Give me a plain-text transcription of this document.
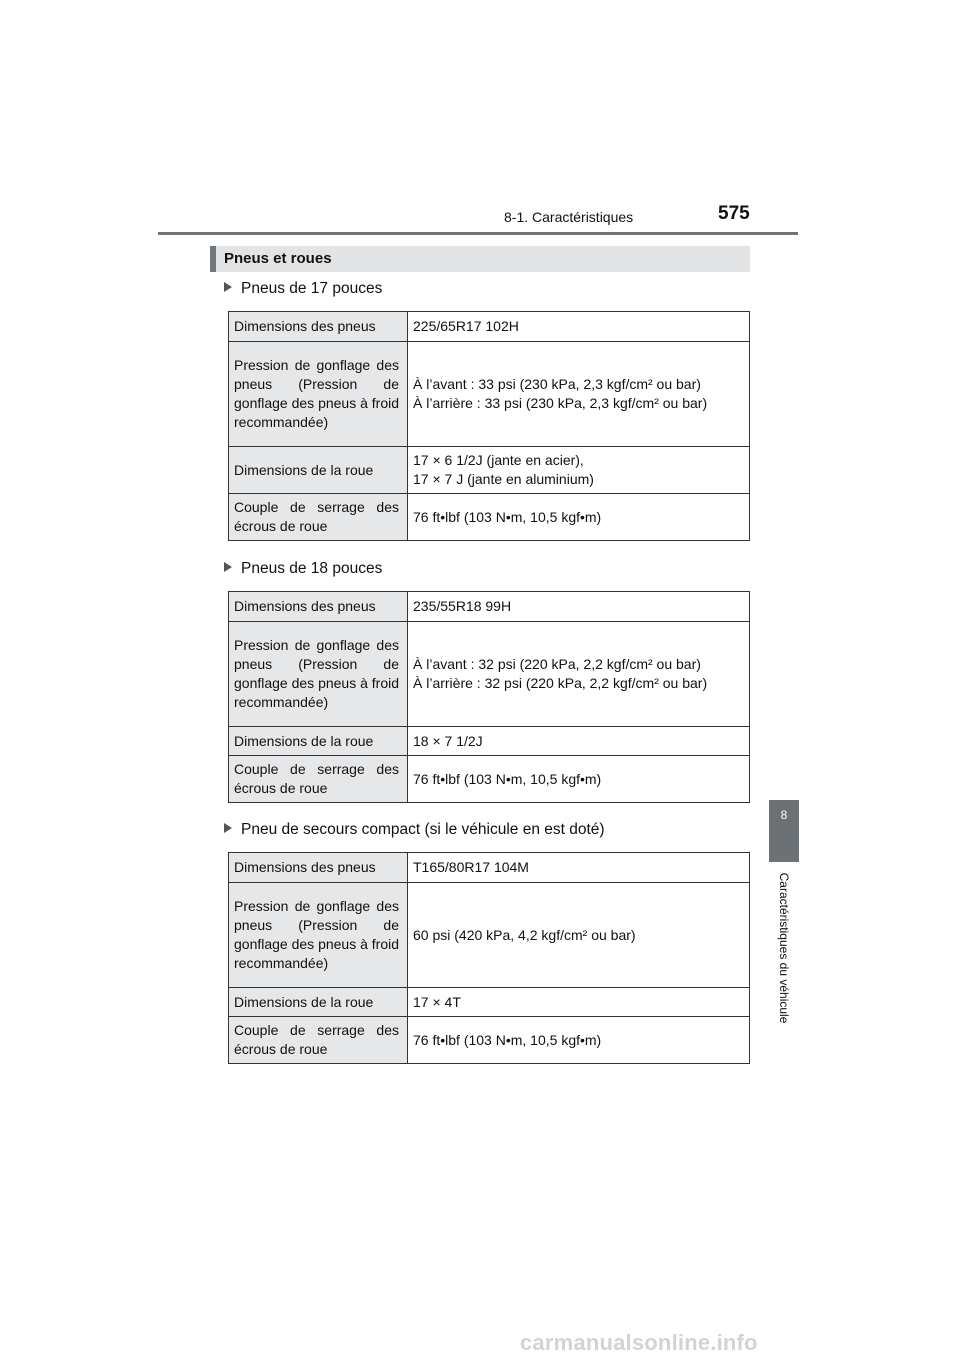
8-1. Caractéristiques	575
Pneus et roues
Pneus de 17 pouces
Dimensions des pneus	225/65R17 102H
Pression de gonflage des pneus (Pression de gonflage des pneus à froid recommandée)	À l’avant : 33 psi (230 kPa, 2,3 kgf/cm² ou bar)
À l’arrière : 33 psi (230 kPa, 2,3 kgf/cm² ou bar)

Dimensions de la roue	17 × 6 1/2J (jante en acier),
17 × 7 J (jante en aluminium)

Couple de serrage des écrous de roue	76 ft•lbf (103 N•m, 10,5 kgf•m)
Pneus de 18 pouces
Dimensions des pneus	235/55R18 99H
Pression de gonflage des pneus (Pression de gonflage des pneus à froid recommandée)	À l’avant : 32 psi (220 kPa, 2,2 kgf/cm² ou bar)
À l’arrière : 32 psi (220 kPa, 2,2 kgf/cm² ou bar)

Dimensions de la roue	18 × 7 1/2J
Couple de serrage des écrous de roue	76 ft•lbf (103 N•m, 10,5 kgf•m)
Pneu de secours compact (si le véhicule en est doté)
Dimensions des pneus	T165/80R17 104M
Pression de gonflage des pneus (Pression de gonflage des pneus à froid recommandée)	60 psi (420 kPa, 4,2 kgf/cm² ou bar)
Dimensions de la roue	17 × 4T
Couple de serrage des écrous de roue	76 ft•lbf (103 N•m, 10,5 kgf•m)
8
Caractéristiques du véhicule
carmanualsonline.info
